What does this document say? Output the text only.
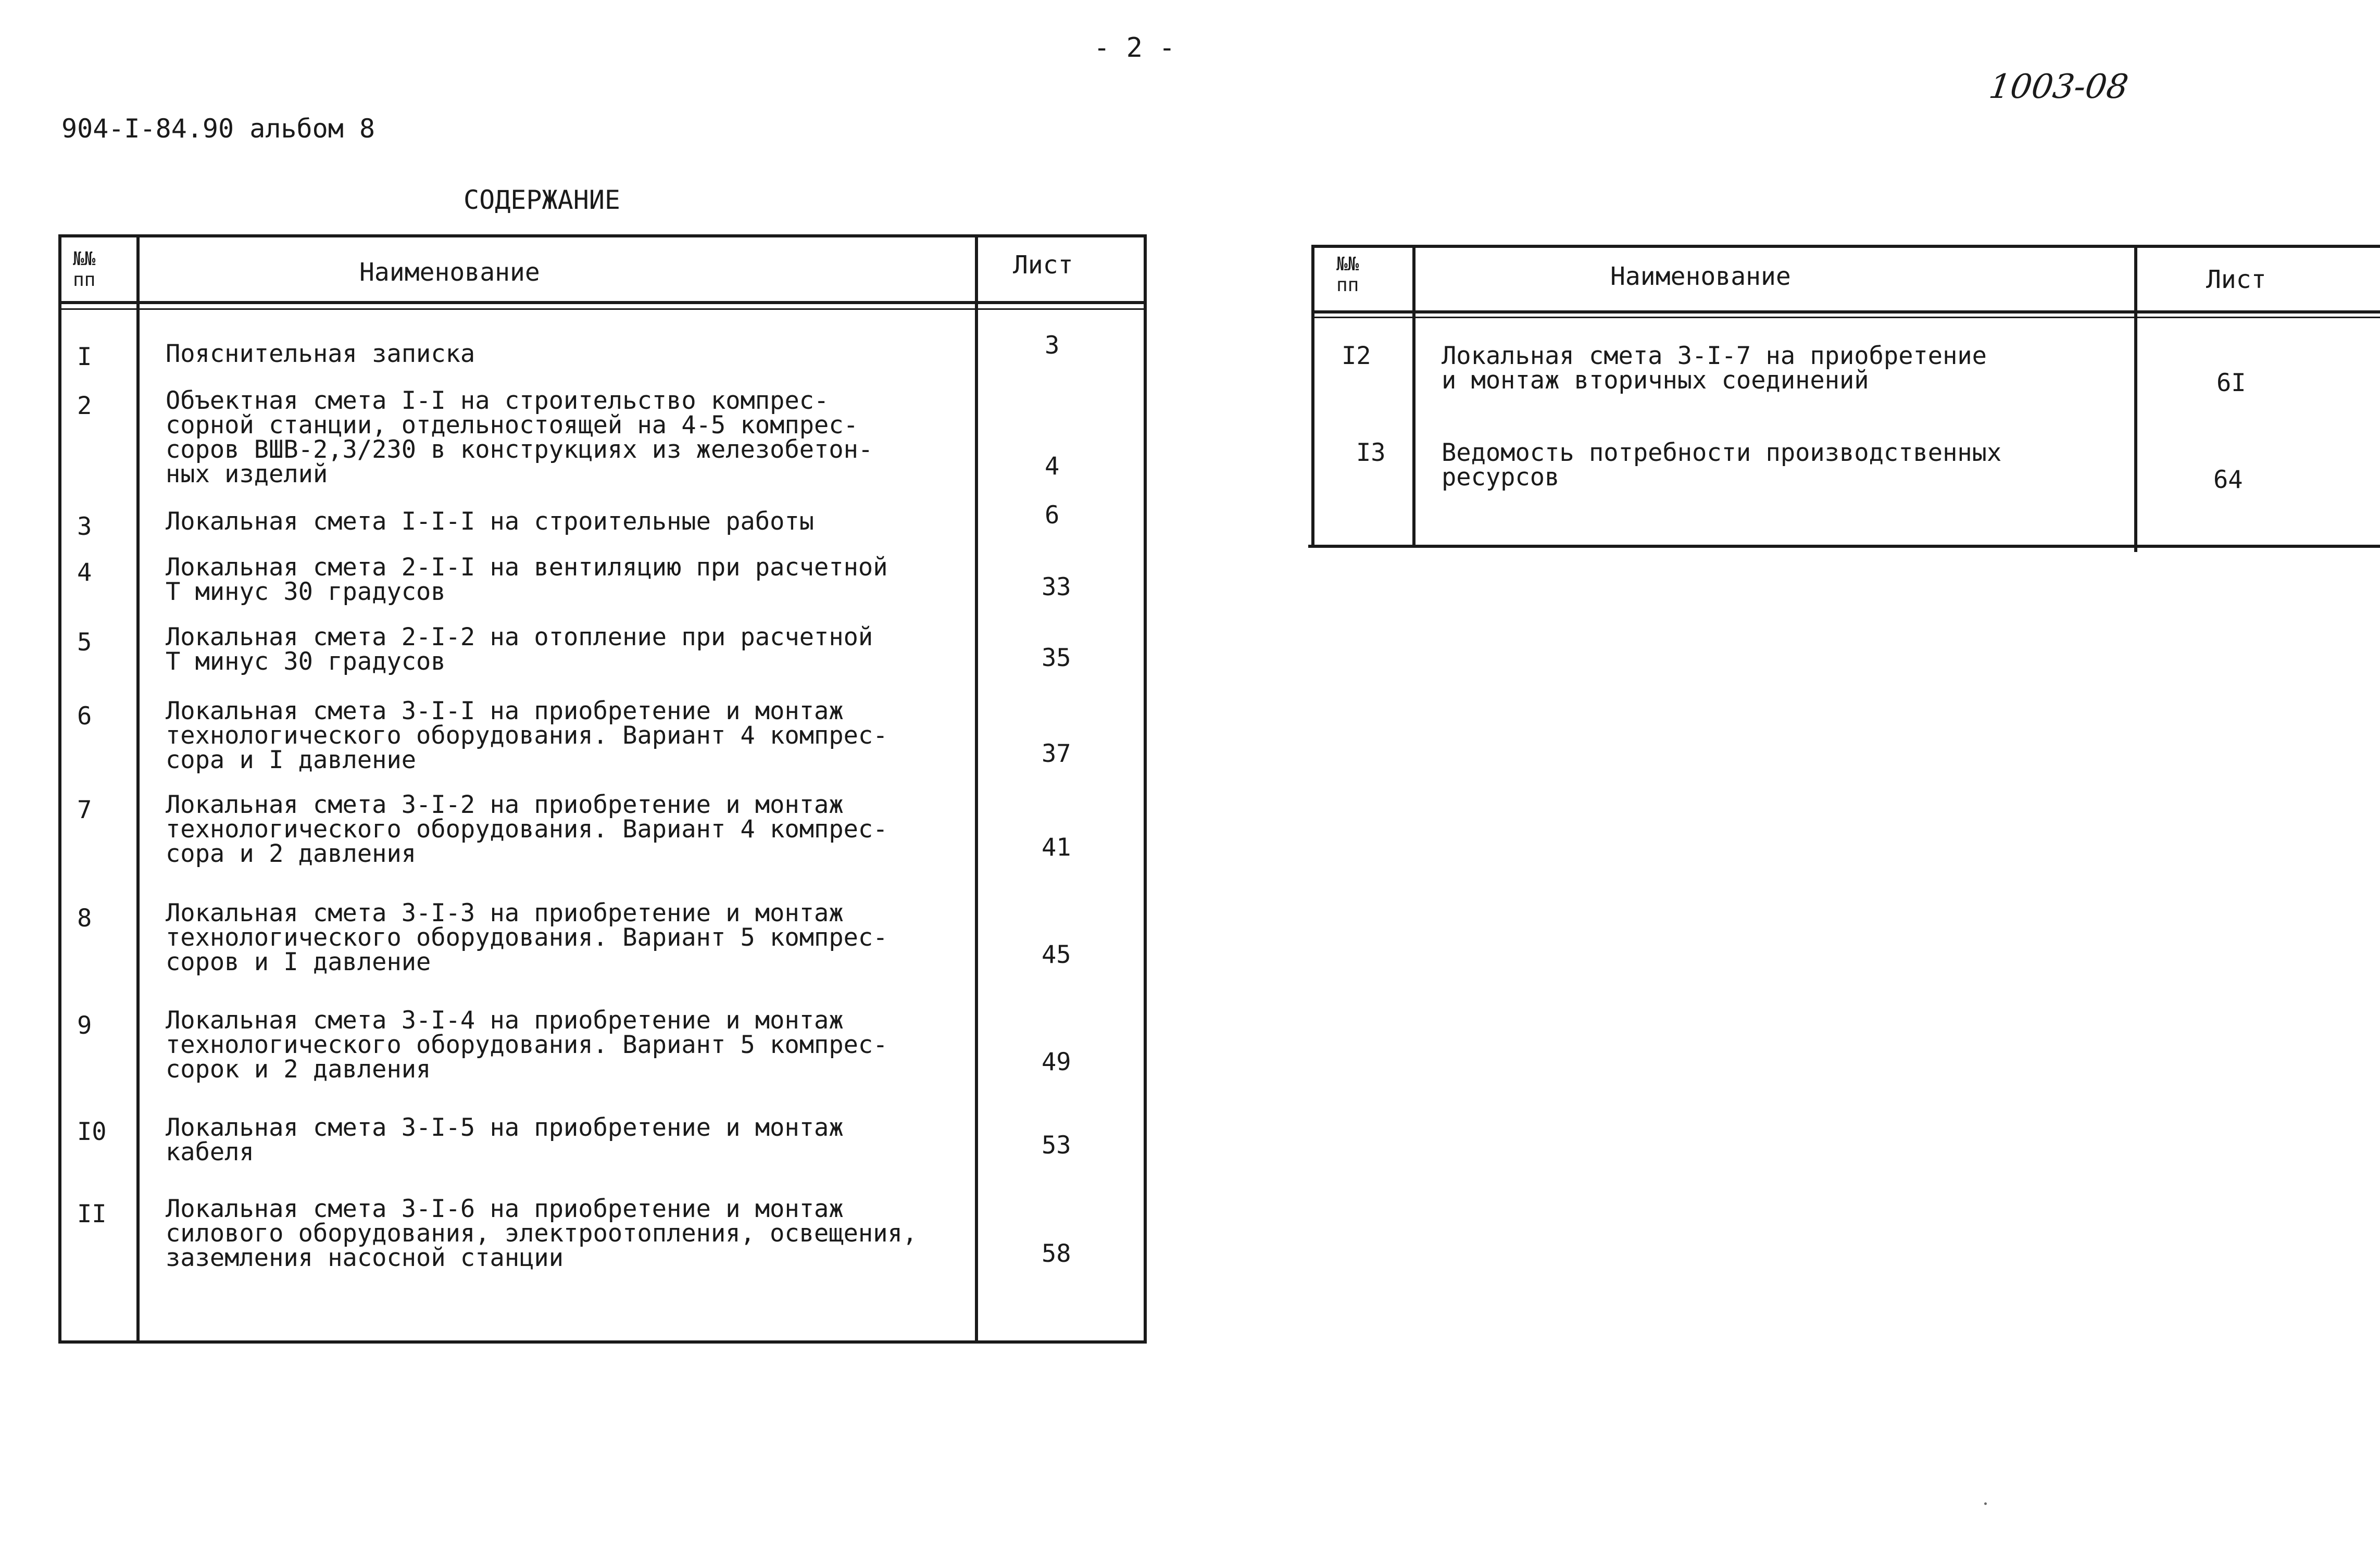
- 2 -
1003-08
904-I-84.90 альбом 8
СОДЕРЖАНИЕ
№№
пп	Наименование	Лист
I	Пояснительная записка	3
2	Объектная смета I-I на строительство компрес-
сорной станции, отдельностоящей на 4-5 компрес-
соров ВШВ-2,3/230 в конструкциях из железобетон-
ных изделий	4
3	Локальная смета I-I-I на строительные работы	6
4	Локальная смета 2-I-I на вентиляцию при расчетной
Т минус 30 градусов	33
5	Локальная смета 2-I-2 на отопление при расчетной
Т минус 30 градусов	35
6	Локальная смета 3-I-I на приобретение и монтаж
технологического оборудования. Вариант 4 компрес-
сора и I давление	37
7	Локальная смета 3-I-2 на приобретение и монтаж
технологического оборудования. Вариант 4 компрес-
сора и 2 давления	41
8	Локальная смета 3-I-3 на приобретение и монтаж
технологического оборудования. Вариант 5 компрес-
соров и I давление	45
9	Локальная смета 3-I-4 на приобретение и монтаж
технологического оборудования. Вариант 5 компрес-
сорок и 2 давления	49
I0 Локальная смета 3-I-5 на приобретение и монтаж
кабеля	53
II Локальная смета 3-I-6 на приобретение и монтаж
силового оборудования, электроотопления, освещения,
заземления насосной станции	58
№№
пп	Наименование	Лист
I2	Локальная смета 3-I-7 на приобретение
и монтаж вторичных соединений	6I
I3 Ведомость потребности производственных
ресурсов	64
